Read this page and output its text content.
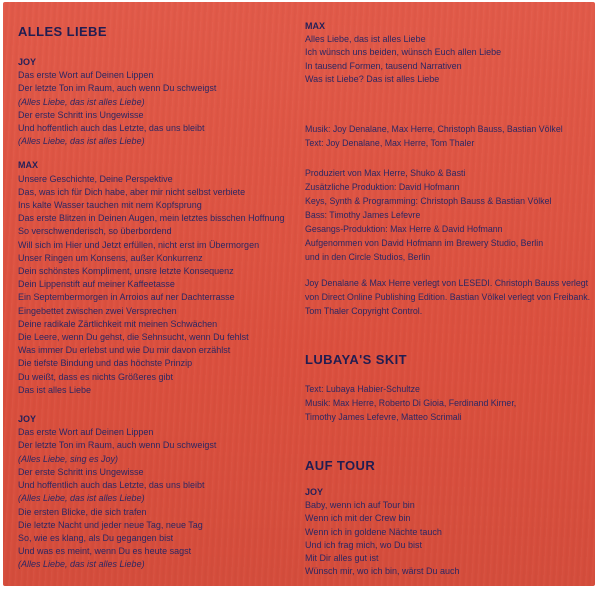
ALLES LIEBE
JOY
Das erste Wort auf Deinen Lippen
Der letzte Ton im Raum, auch wenn Du schweigst
(Alles Liebe, das ist alles Liebe)
Der erste Schritt ins Ungewisse
Und hoffentlich auch das Letzte, das uns bleibt
(Alles Liebe, das ist alles Liebe)
MAX
Unsere Geschichte, Deine Perspektive
Das, was ich für Dich habe, aber mir nicht selbst verbiete
Ins kalte Wasser tauchen mit nem Kopfsprung
Das erste Blitzen in Deinen Augen, mein letztes bisschen Hoffnung
So verschwenderisch, so überbordend
Will sich im Hier und Jetzt erfüllen, nicht erst im Übermorgen
Unser Ringen um Konsens, außer Konkurrenz
Dein schönstes Kompliment, unsre letzte Konsequenz
Dein Lippenstift auf meiner Kaffeetasse
Ein Septembermorgen in Arroios auf ner Dachterrasse
Eingebettet zwischen zwei Versprechen
Deine radikale Zärtlichkeit mit meinen Schwächen
Die Leere, wenn Du gehst, die Sehnsucht, wenn Du fehlst
Was immer Du erlebst und wie Du mir davon erzählst
Die tiefste Bindung und das höchste Prinzip
Du weißt, dass es nichts Größeres gibt
Das ist alles Liebe
JOY
Das erste Wort auf Deinen Lippen
Der letzte Ton im Raum, auch wenn Du schweigst
(Alles Liebe, sing es Joy)
Der erste Schritt ins Ungewisse
Und hoffentlich auch das Letzte, das uns bleibt
(Alles Liebe, das ist alles Liebe)
Die ersten Blicke, die sich trafen
Die letzte Nacht und jeder neue Tag, neue Tag
So, wie es klang, als Du gegangen bist
Und was es meint, wenn Du es heute sagst
(Alles Liebe, das ist alles Liebe)
MAX
Alles Liebe, das ist alles Liebe
Ich wünsch uns beiden, wünsch Euch allen Liebe
In tausend Formen, tausend Narrativen
Was ist Liebe? Das ist alles Liebe
Musik: Joy Denalane, Max Herre, Christoph Bauss, Bastian Völkel
Text: Joy Denalane, Max Herre, Tom Thaler
Produziert von Max Herre, Shuko & Basti
Zusätzliche Produktion: David Hofmann
Keys, Synth & Programming: Christoph Bauss & Bastian Völkel
Bass: Timothy James Lefevre
Gesangs-Produktion: Max Herre & David Hofmann
Aufgenommen von David Hofmann im Brewery Studio, Berlin
und in den Circle Studios, Berlin
Joy Denalane & Max Herre verlegt von LESEDI. Christoph Bauss verlegt
von Direct Online Publishing Edition. Bastian Völkel verlegt von Freibank.
Tom Thaler Copyright Control.
LUBAYA'S SKIT
Text: Lubaya Habier-Schultze
Musik: Max Herre, Roberto Di Gioia, Ferdinand Kirner,
Timothy James Lefevre, Matteo Scrimali
AUF TOUR
JOY
Baby, wenn ich auf Tour bin
Wenn ich mit der Crew bin
Wenn ich in goldene Nächte tauch
Und ich frag mich, wo Du bist
Mit Dir alles gut ist
Wünsch mir, wo ich bin, wärst Du auch
